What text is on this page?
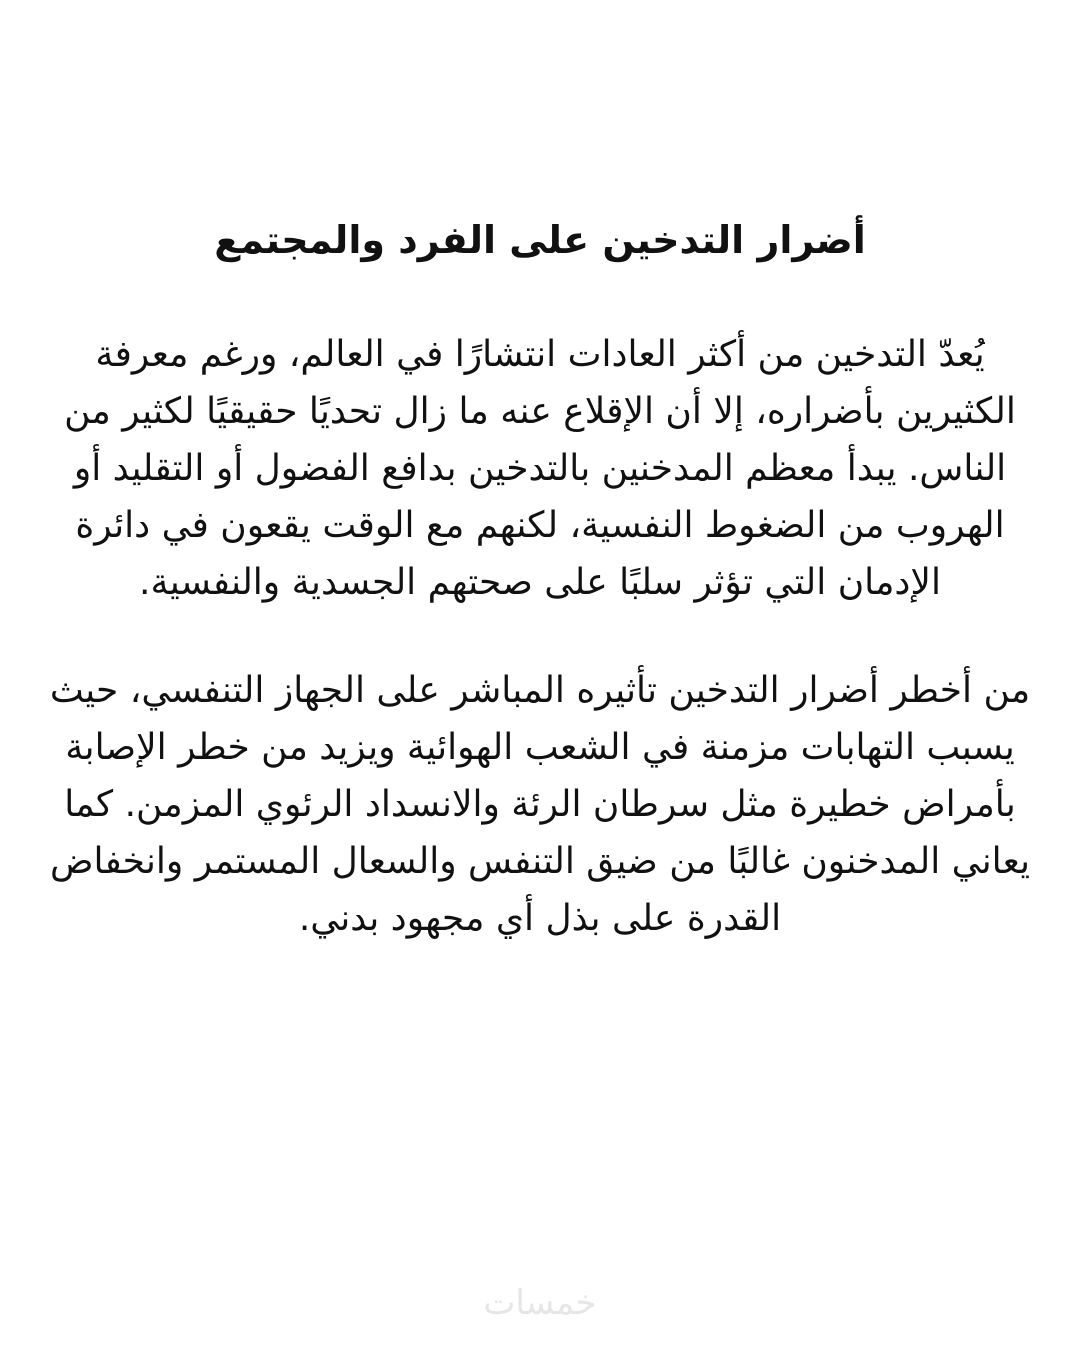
أضرار التدخين على الفرد والمجتمع

يُعدّ التدخين من أكثر العادات انتشارًا في العالم، ورغم معرفة
الكثيرين بأضراره، إلا أن الإقلاع عنه ما زال تحديًا حقيقيًا لكثير من
الناس. يبدأ معظم المدخنين بالتدخين بدافع الفضول أو التقليد أو
الهروب من الضغوط النفسية، لكنهم مع الوقت يقعون في دائرة
الإدمان التي تؤثر سلبًا على صحتهم الجسدية والنفسية.

من أخطر أضرار التدخين تأثيره المباشر على الجهاز التنفسي، حيث
يسبب التهابات مزمنة في الشعب الهوائية ويزيد من خطر الإصابة
بأمراض خطيرة مثل سرطان الرئة والانسداد الرئوي المزمن. كما
يعاني المدخنون غالبًا من ضيق التنفس والسعال المستمر وانخفاض
القدرة على بذل أي مجهود بدني.

خمسات
